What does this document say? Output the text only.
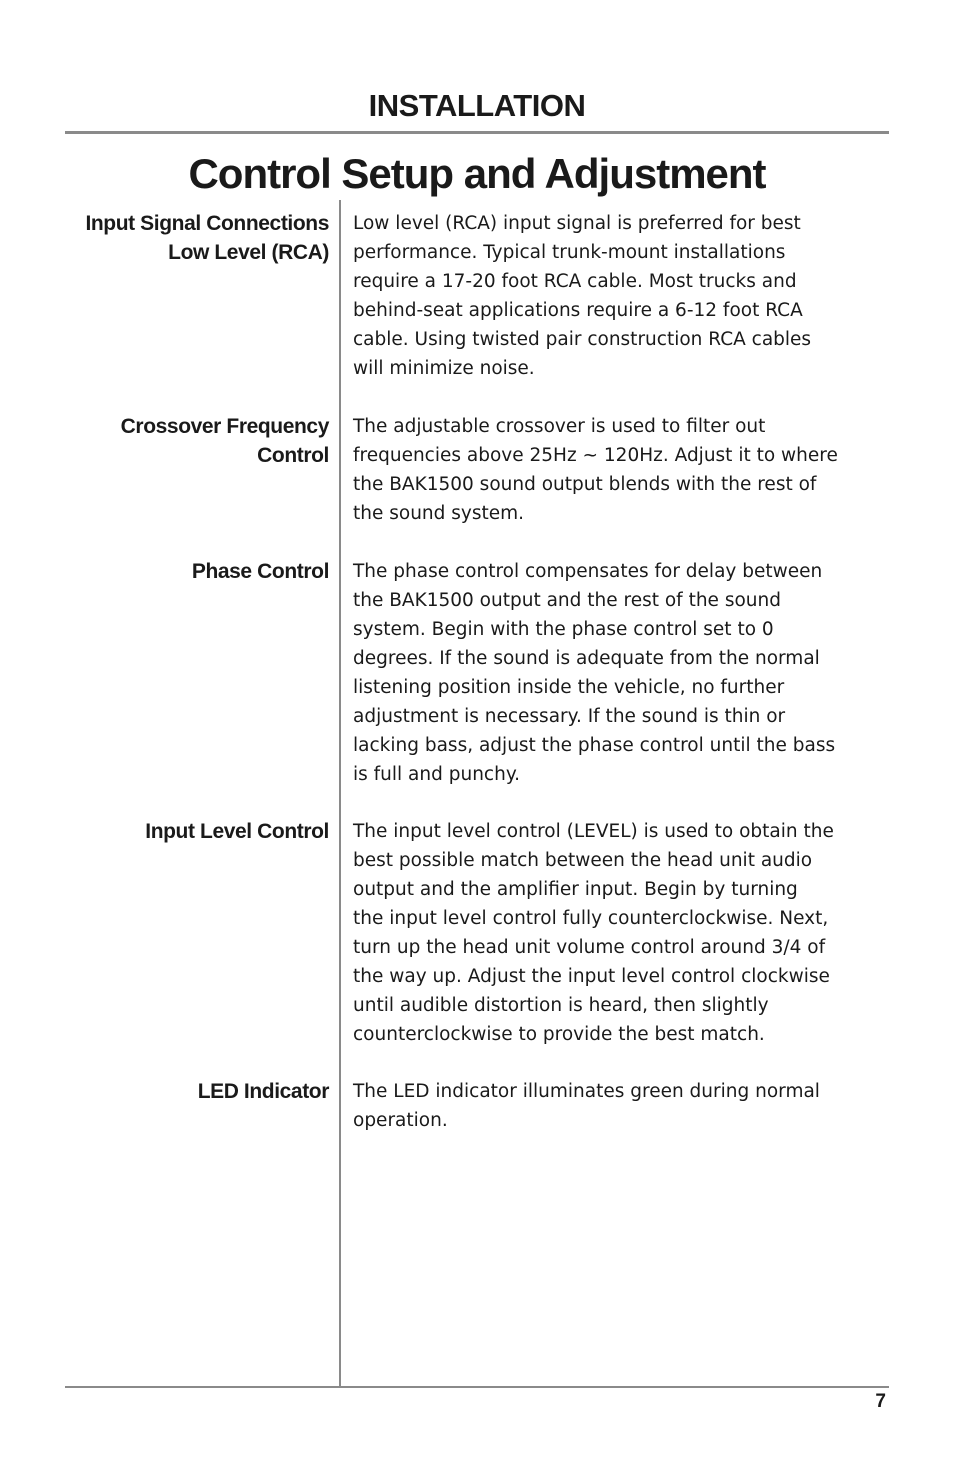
INSTALLATION
Control Setup and Adjustment
Input Signal Connections
Low Level (RCA)
Low level (RCA) input signal is preferred for best
performance. Typical trunk-mount installations
require a 17-20 foot RCA cable. Most trucks and
behind-seat applications require a 6-12 foot RCA
cable. Using twisted pair construction RCA cables
will minimize noise.
Crossover Frequency
Control
The adjustable crossover is used to filter out
frequencies above 25Hz ~ 120Hz. Adjust it to where
the BAK1500 sound output blends with the rest of
the sound system.
Phase Control The phase control compensates for delay between
the BAK1500 output and the rest of the sound
system. Begin with the phase control set to 0
degrees. If the sound is adequate from the normal
listening position inside the vehicle, no further
adjustment is necessary. If the sound is thin or
lacking bass, adjust the phase control until the bass
is full and punchy.
Input Level Control The input level control (LEVEL) is used to obtain the
best possible match between the head unit audio
output and the amplifier input. Begin by turning
the input level control fully counterclockwise. Next,
turn up the head unit volume control around 3/4 of
the way up. Adjust the input level control clockwise
until audible distortion is heard, then slightly
counterclockwise to provide the best match.
LED Indicator The LED indicator illuminates green during normal
operation.
7
